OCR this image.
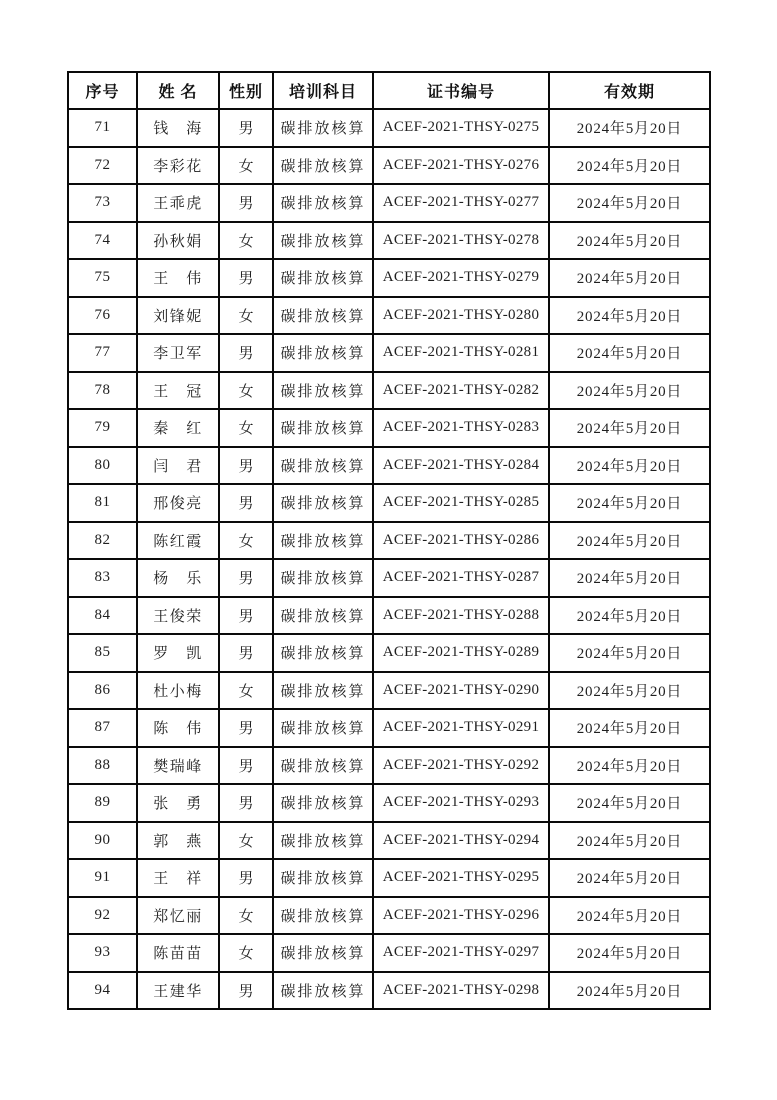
序号	姓 名	性别	培训科目	证书编号	有效期
71	钱　海	男	碳排放核算	ACEF-2021-THSY-0275	2024年5月20日
72	李彩花	女	碳排放核算	ACEF-2021-THSY-0276	2024年5月20日
73	王乖虎	男	碳排放核算	ACEF-2021-THSY-0277	2024年5月20日
74	孙秋娟	女	碳排放核算	ACEF-2021-THSY-0278	2024年5月20日
75	王　伟	男	碳排放核算	ACEF-2021-THSY-0279	2024年5月20日
76	刘锋妮	女	碳排放核算	ACEF-2021-THSY-0280	2024年5月20日
77	李卫军	男	碳排放核算	ACEF-2021-THSY-0281	2024年5月20日
78	王　冠	女	碳排放核算	ACEF-2021-THSY-0282	2024年5月20日
79	秦　红	女	碳排放核算	ACEF-2021-THSY-0283	2024年5月20日
80	闫　君	男	碳排放核算	ACEF-2021-THSY-0284	2024年5月20日
81	邢俊亮	男	碳排放核算	ACEF-2021-THSY-0285	2024年5月20日
82	陈红霞	女	碳排放核算	ACEF-2021-THSY-0286	2024年5月20日
83	杨　乐	男	碳排放核算	ACEF-2021-THSY-0287	2024年5月20日
84	王俊荣	男	碳排放核算	ACEF-2021-THSY-0288	2024年5月20日
85	罗　凯	男	碳排放核算	ACEF-2021-THSY-0289	2024年5月20日
86	杜小梅	女	碳排放核算	ACEF-2021-THSY-0290	2024年5月20日
87	陈　伟	男	碳排放核算	ACEF-2021-THSY-0291	2024年5月20日
88	樊瑞峰	男	碳排放核算	ACEF-2021-THSY-0292	2024年5月20日
89	张　勇	男	碳排放核算	ACEF-2021-THSY-0293	2024年5月20日
90	郭　燕	女	碳排放核算	ACEF-2021-THSY-0294	2024年5月20日
91	王　祥	男	碳排放核算	ACEF-2021-THSY-0295	2024年5月20日
92	郑忆丽	女	碳排放核算	ACEF-2021-THSY-0296	2024年5月20日
93	陈苗苗	女	碳排放核算	ACEF-2021-THSY-0297	2024年5月20日
94	王建华	男	碳排放核算	ACEF-2021-THSY-0298	2024年5月20日
